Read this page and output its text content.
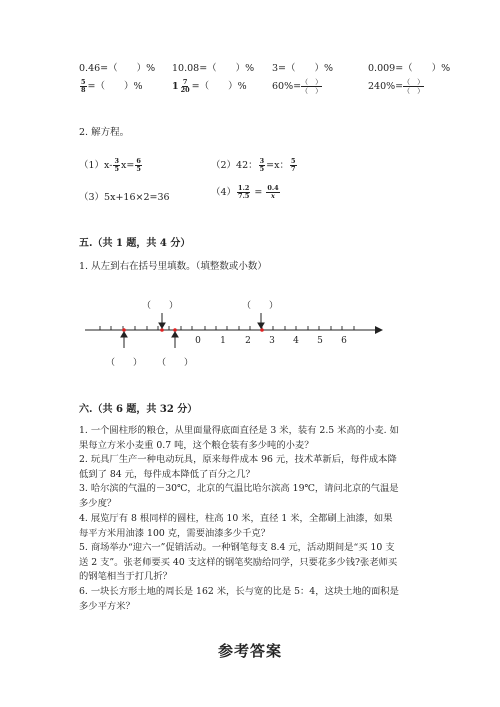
0.46=（　　）% 10.08=（　　）% 3=（　　）%	0.009=（　　）%
$\frac{5}{8}$ =（　　）%	$1 \frac{7}{20}$ =（　　）%	$60\%= \frac{( )}{( )}$	$240\%= \frac{( )}{( )}$
2. 解方程。
$(1)x- \frac{3}{5} x= \frac{6}{5}$	（2）42： $\frac{3}{5} =x$： $\frac{5}{7}$
（3）5x+16×2=36	$(4) \frac{1.2}{7.5} = \frac{0.4}{x}$
五.（共 1 题，共 4 分）
1. 从左到右在括号里填数。（填整数或小数）
0 1 2 3 4 5 6
（　　）	（　　）
（　　） （　　）
六.（共 6 题，共 32 分）
1. 一个圆柱形的粮仓，从里面量得底面直径是 3 米，装有 2.5 米高的小麦. 如果每立方米小麦重 0.7 吨，这个粮仓装有多少吨的小麦？
2. 玩具厂生产一种电动玩具，原来每件成本 96 元，技术革新后，每件成本降低到了 84 元，每件成本降低了百分之几？
3. 哈尔滨的气温的－30℃，北京的气温比哈尔滨高 19℃，请问北京的气温是多少度？
4. 展览厅有 8 根同样的圆柱，柱高 10 米，直径 1 米，全都刷上油漆，如果每平方米用油漆 100 克，需要油漆多少千克？
5. 商场举办“迎六一”促销活动。一种钢笔每支 8.4 元，活动期间是“买 10 支送 2 支”。张老师要买 40 支这样的钢笔奖励给同学，只要花多少钱?张老师买的钢笔相当于打几折？
6. 一块长方形土地的周长是 162 米，长与宽的比是 5：4，这块土地的面积是多少平方米？
参考答案
